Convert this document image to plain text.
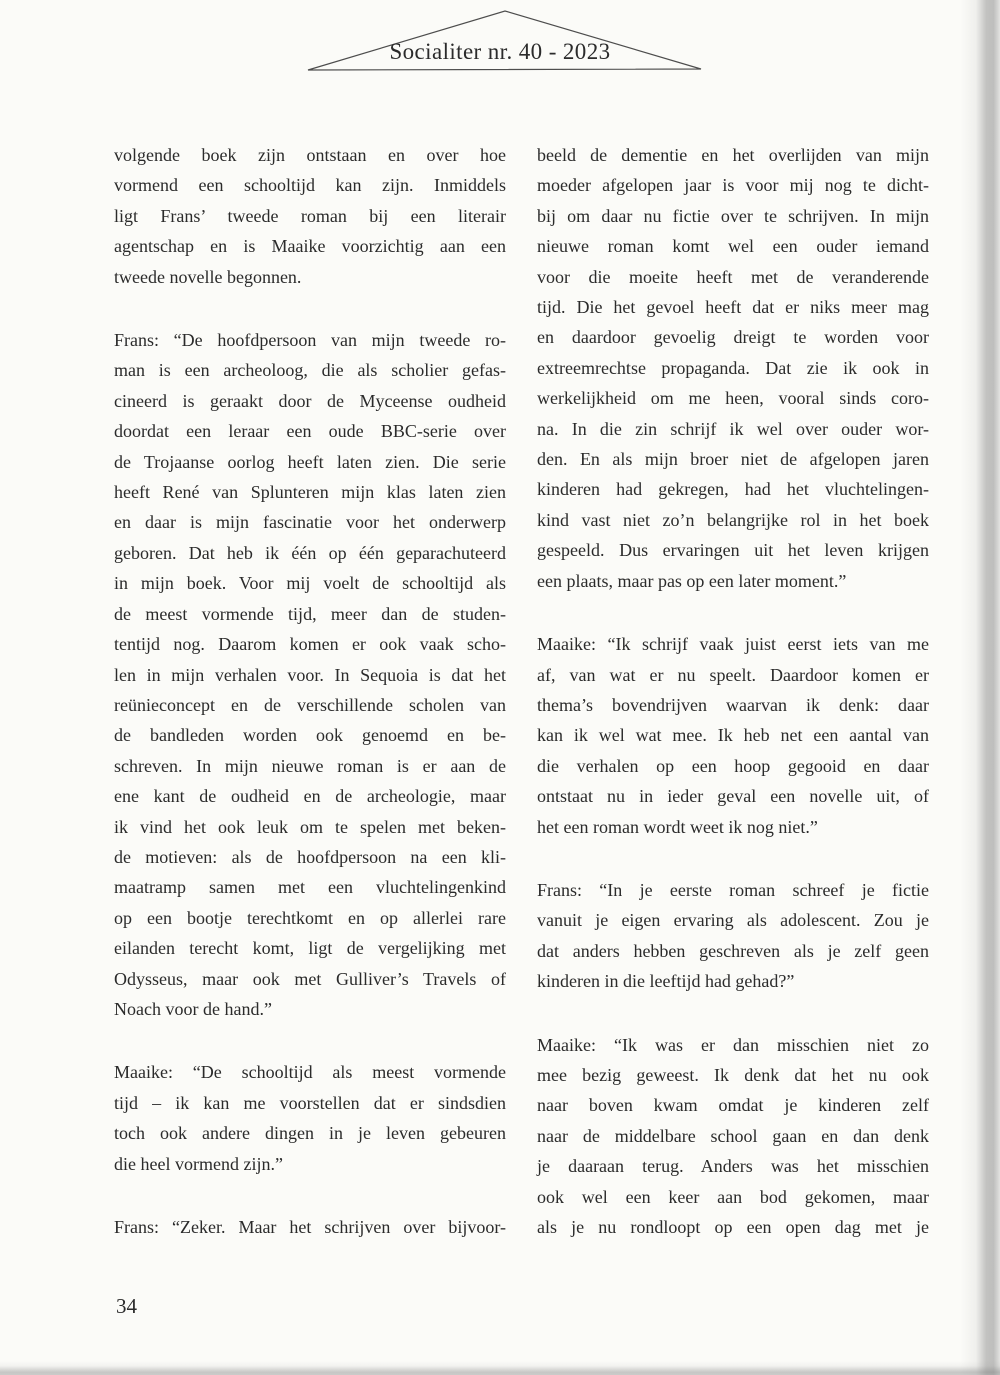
Socialiter nr. 40 - 2023
volgende boek zijn ontstaan en over hoe
vormend een schooltijd kan zijn. Inmiddels
ligt Frans’ tweede roman bij een literair
agentschap en is Maaike voorzichtig aan een
tweede novelle begonnen.
Frans: “De hoofdpersoon van mijn tweede ro-
man is een archeoloog, die als scholier gefas-
cineerd is geraakt door de Myceense oudheid
doordat een leraar een oude BBC-serie over
de Trojaanse oorlog heeft laten zien. Die serie
heeft René van Splunteren mijn klas laten zien
en daar is mijn fascinatie voor het onderwerp
geboren. Dat heb ik één op één geparachuteerd
in mijn boek. Voor mij voelt de schooltijd als
de meest vormende tijd, meer dan de studen-
tentijd nog. Daarom komen er ook vaak scho-
len in mijn verhalen voor. In Sequoia is dat het
reünieconcept en de verschillende scholen van
de bandleden worden ook genoemd en be-
schreven. In mijn nieuwe roman is er aan de
ene kant de oudheid en de archeologie, maar
ik vind het ook leuk om te spelen met beken-
de motieven: als de hoofdpersoon na een kli-
maatramp samen met een vluchtelingenkind
op een bootje terechtkomt en op allerlei rare
eilanden terecht komt, ligt de vergelijking met
Odysseus, maar ook met Gulliver’s Travels of
Noach voor de hand.”
Maaike: “De schooltijd als meest vormende
tijd – ik kan me voorstellen dat er sindsdien
toch ook andere dingen in je leven gebeuren
die heel vormend zijn.”
Frans: “Zeker. Maar het schrijven over bijvoor-
beeld de dementie en het overlijden van mijn
moeder afgelopen jaar is voor mij nog te dicht-
bij om daar nu fictie over te schrijven. In mijn
nieuwe roman komt wel een ouder iemand
voor die moeite heeft met de veranderende
tijd. Die het gevoel heeft dat er niks meer mag
en daardoor gevoelig dreigt te worden voor
extreemrechtse propaganda. Dat zie ik ook in
werkelijkheid om me heen, vooral sinds coro-
na. In die zin schrijf ik wel over ouder wor-
den. En als mijn broer niet de afgelopen jaren
kinderen had gekregen, had het vluchtelingen-
kind vast niet zo’n belangrijke rol in het boek
gespeeld. Dus ervaringen uit het leven krijgen
een plaats, maar pas op een later moment.”
Maaike: “Ik schrijf vaak juist eerst iets van me
af, van wat er nu speelt. Daardoor komen er
thema’s bovendrijven waarvan ik denk: daar
kan ik wel wat mee. Ik heb net een aantal van
die verhalen op een hoop gegooid en daar
ontstaat nu in ieder geval een novelle uit, of
het een roman wordt weet ik nog niet.”
Frans: “In je eerste roman schreef je fictie
vanuit je eigen ervaring als adolescent. Zou je
dat anders hebben geschreven als je zelf geen
kinderen in die leeftijd had gehad?”
Maaike: “Ik was er dan misschien niet zo
mee bezig geweest. Ik denk dat het nu ook
naar boven kwam omdat je kinderen zelf
naar de middelbare school gaan en dan denk
je daaraan terug. Anders was het misschien
ook wel een keer aan bod gekomen, maar
als je nu rondloopt op een open dag met je
34
